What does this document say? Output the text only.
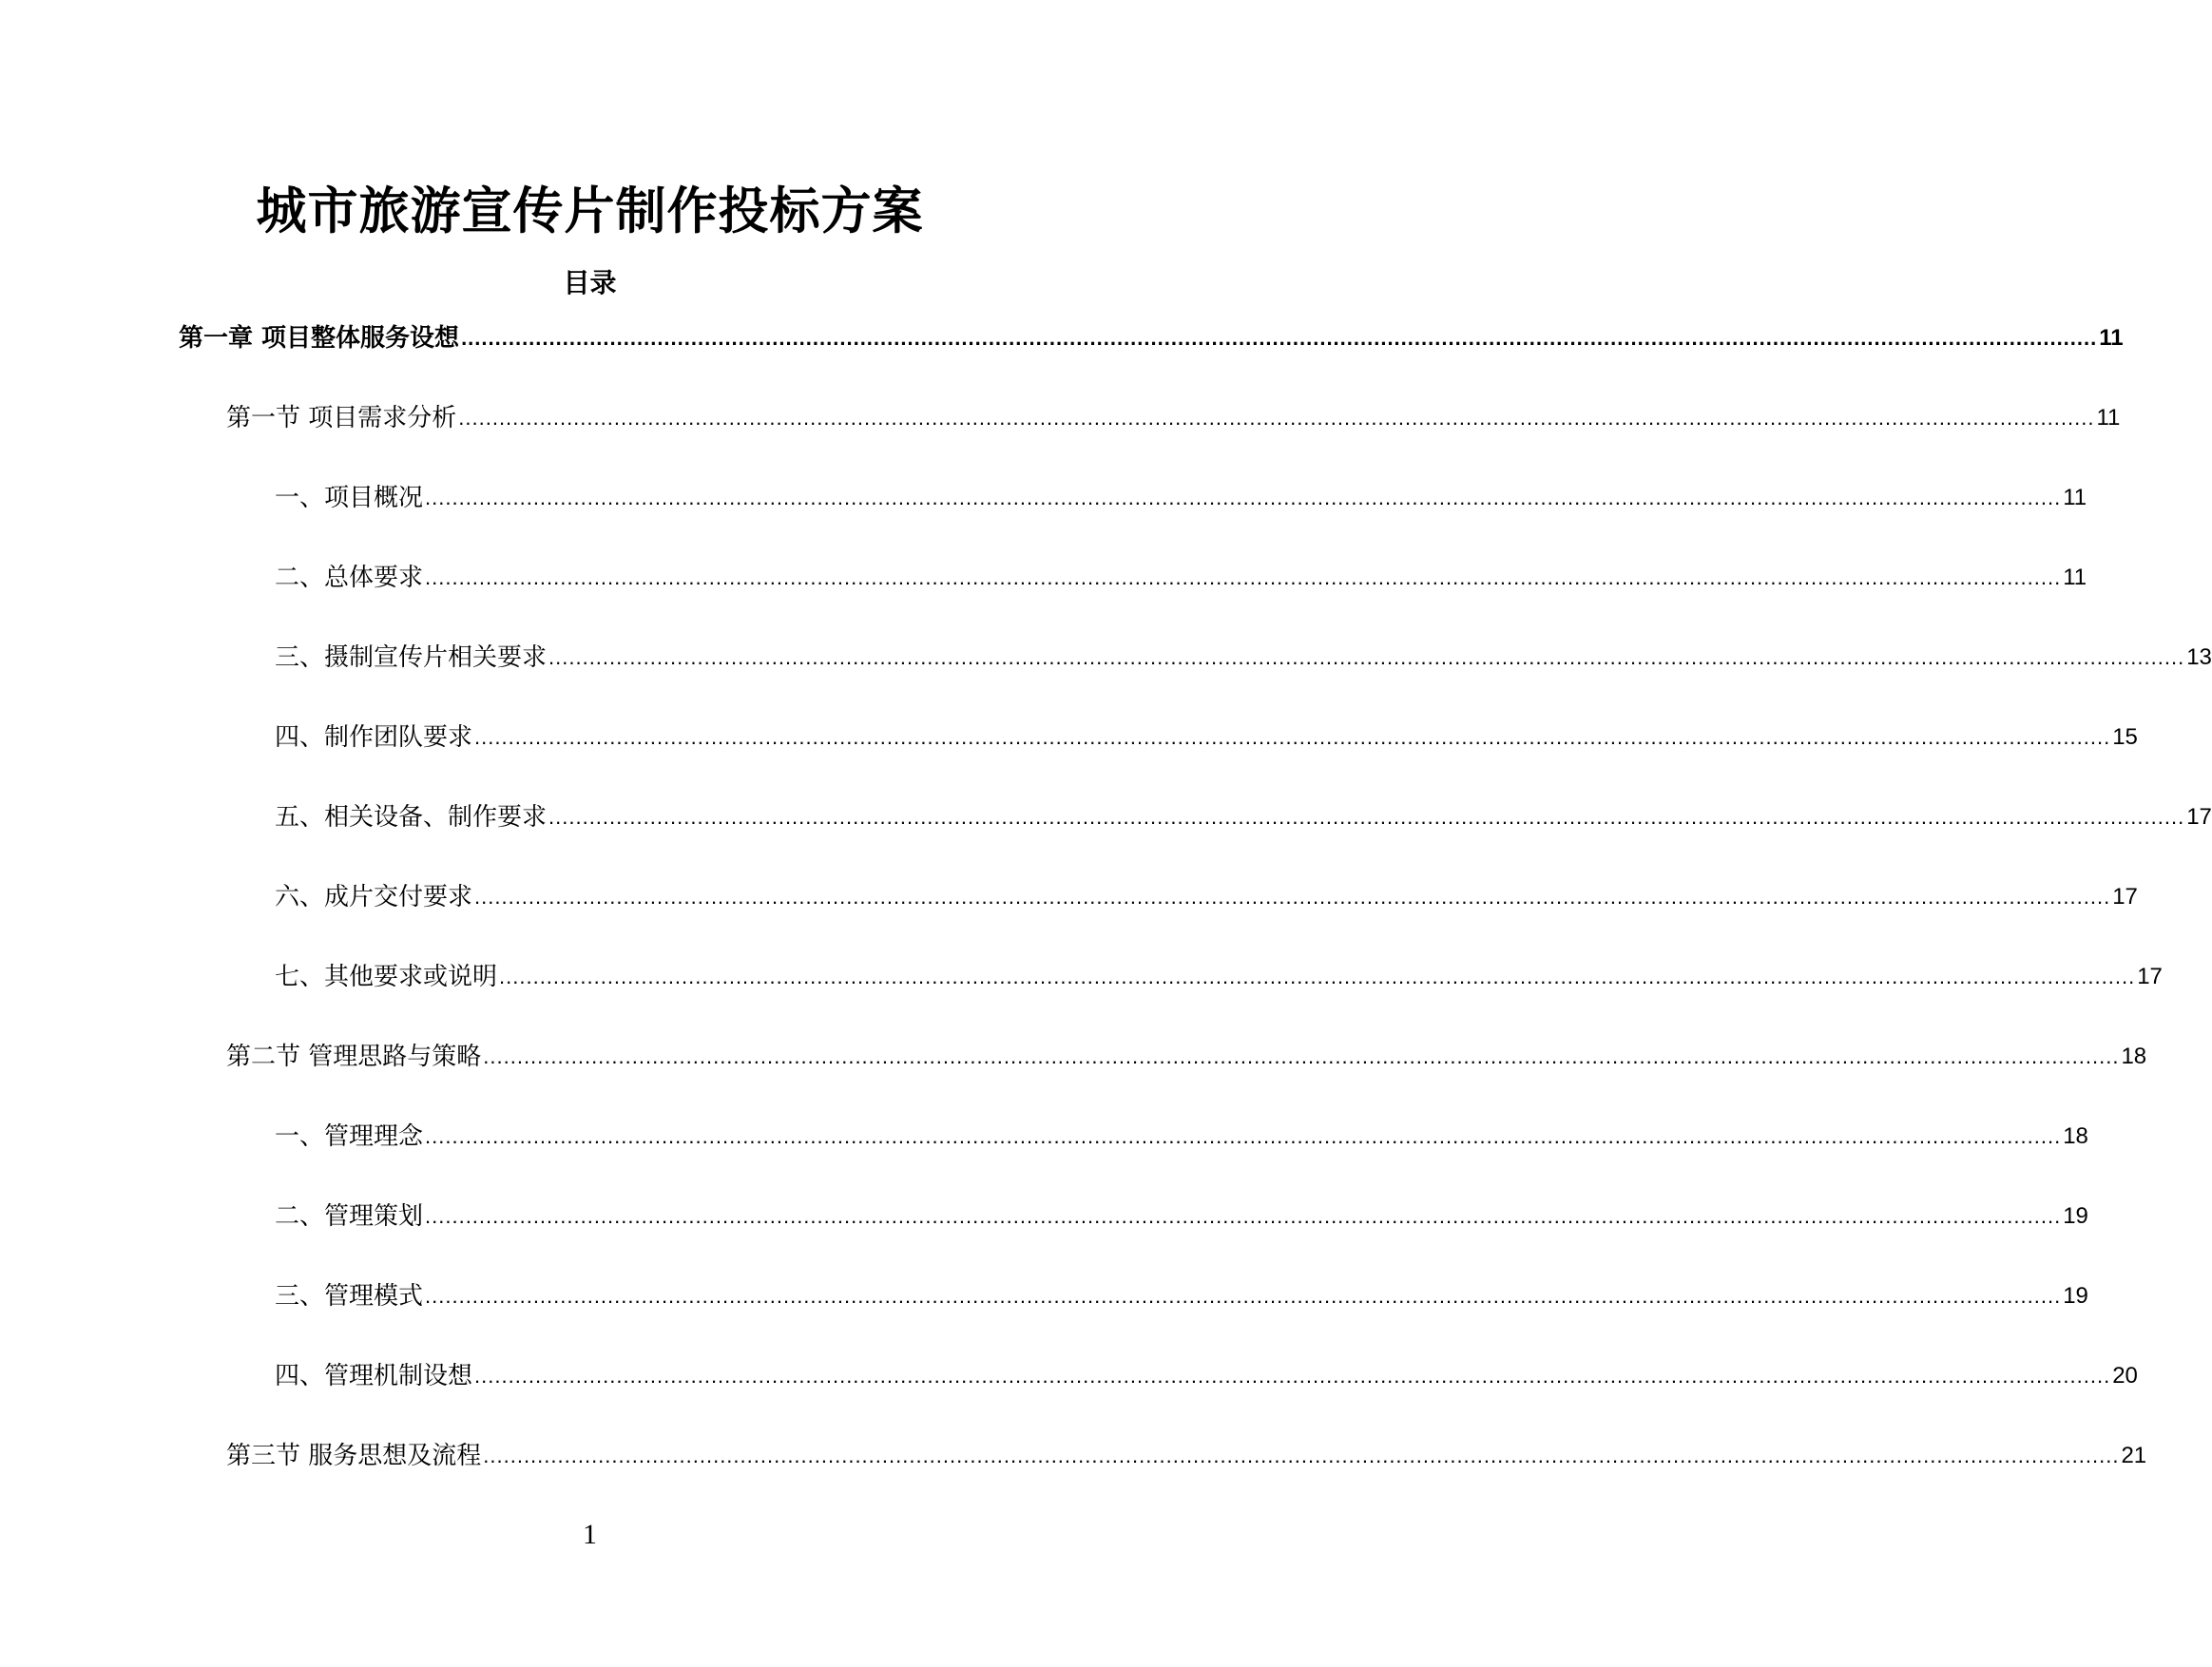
城市旅游宣传片制作投标方案
目录
第一章 项目整体服务设想 .................................................................................................................................................................................................................................................. 11
第一节 项目需求分析 .................................................................................................................................................................................................................................................. 11
一、项目概况 .................................................................................................................................................................................................................................................. 11
二、总体要求 .................................................................................................................................................................................................................................................. 11
三、摄制宣传片相关要求 .................................................................................................................................................................................................................................................. 13
四、制作团队要求 .................................................................................................................................................................................................................................................. 15
五、相关设备、制作要求 .................................................................................................................................................................................................................................................. 17
六、成片交付要求 .................................................................................................................................................................................................................................................. 17
七、其他要求或说明 .................................................................................................................................................................................................................................................. 17
第二节 管理思路与策略 .................................................................................................................................................................................................................................................. 18
一、管理理念 .................................................................................................................................................................................................................................................. 18
二、管理策划 .................................................................................................................................................................................................................................................. 19
三、管理模式 .................................................................................................................................................................................................................................................. 19
四、管理机制设想 .................................................................................................................................................................................................................................................. 20
第三节 服务思想及流程 .................................................................................................................................................................................................................................................. 21
1
